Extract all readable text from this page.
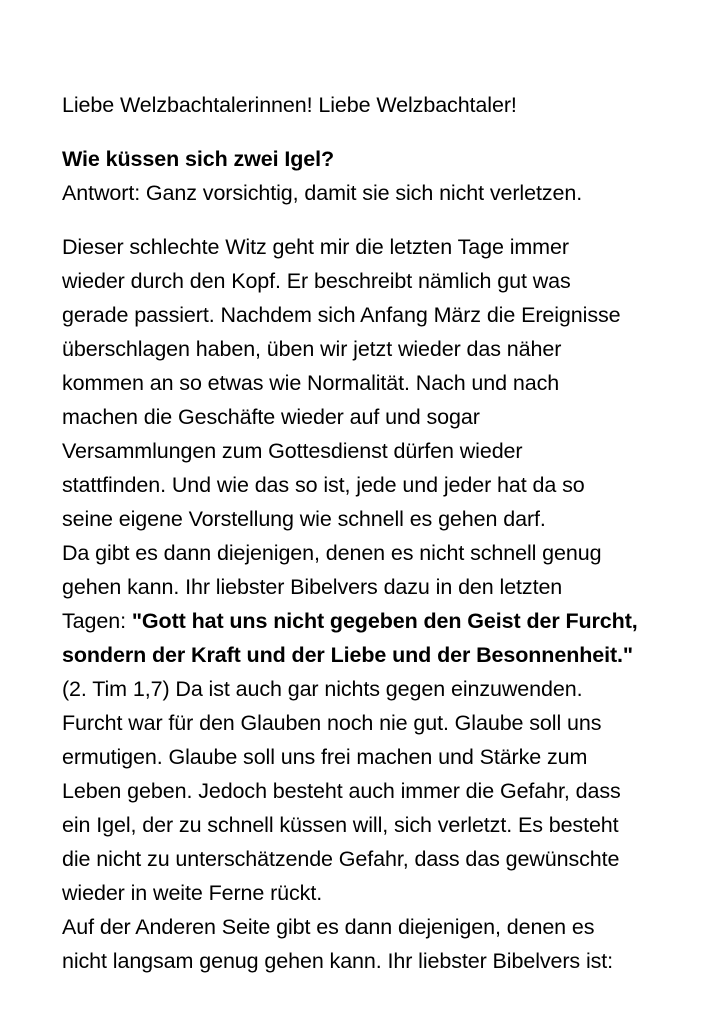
Liebe Welzbachtalerinnen! Liebe Welzbachtaler!
Wie küssen sich zwei Igel?
Antwort: Ganz vorsichtig, damit sie sich nicht verletzen.
Dieser schlechte Witz geht mir die letzten Tage immer
wieder durch den Kopf. Er beschreibt nämlich gut was
gerade passiert. Nachdem sich Anfang März die Ereignisse
überschlagen haben, üben wir jetzt wieder das näher
kommen an so etwas wie Normalität. Nach und nach
machen die Geschäfte wieder auf und sogar
Versammlungen zum Gottesdienst dürfen wieder
stattfinden. Und wie das so ist, jede und jeder hat da so
seine eigene Vorstellung wie schnell es gehen darf.
Da gibt es dann diejenigen, denen es nicht schnell genug
gehen kann. Ihr liebster Bibelvers dazu in den letzten
Tagen: "Gott hat uns nicht gegeben den Geist der Furcht,
sondern der Kraft und der Liebe und der Besonnenheit."
(2. Tim 1,7) Da ist auch gar nichts gegen einzuwenden.
Furcht war für den Glauben noch nie gut. Glaube soll uns
ermutigen. Glaube soll uns frei machen und Stärke zum
Leben geben. Jedoch besteht auch immer die Gefahr, dass
ein Igel, der zu schnell küssen will, sich verletzt. Es besteht
die nicht zu unterschätzende Gefahr, dass das gewünschte
wieder in weite Ferne rückt.
Auf der Anderen Seite gibt es dann diejenigen, denen es
nicht langsam genug gehen kann. Ihr liebster Bibelvers ist:
